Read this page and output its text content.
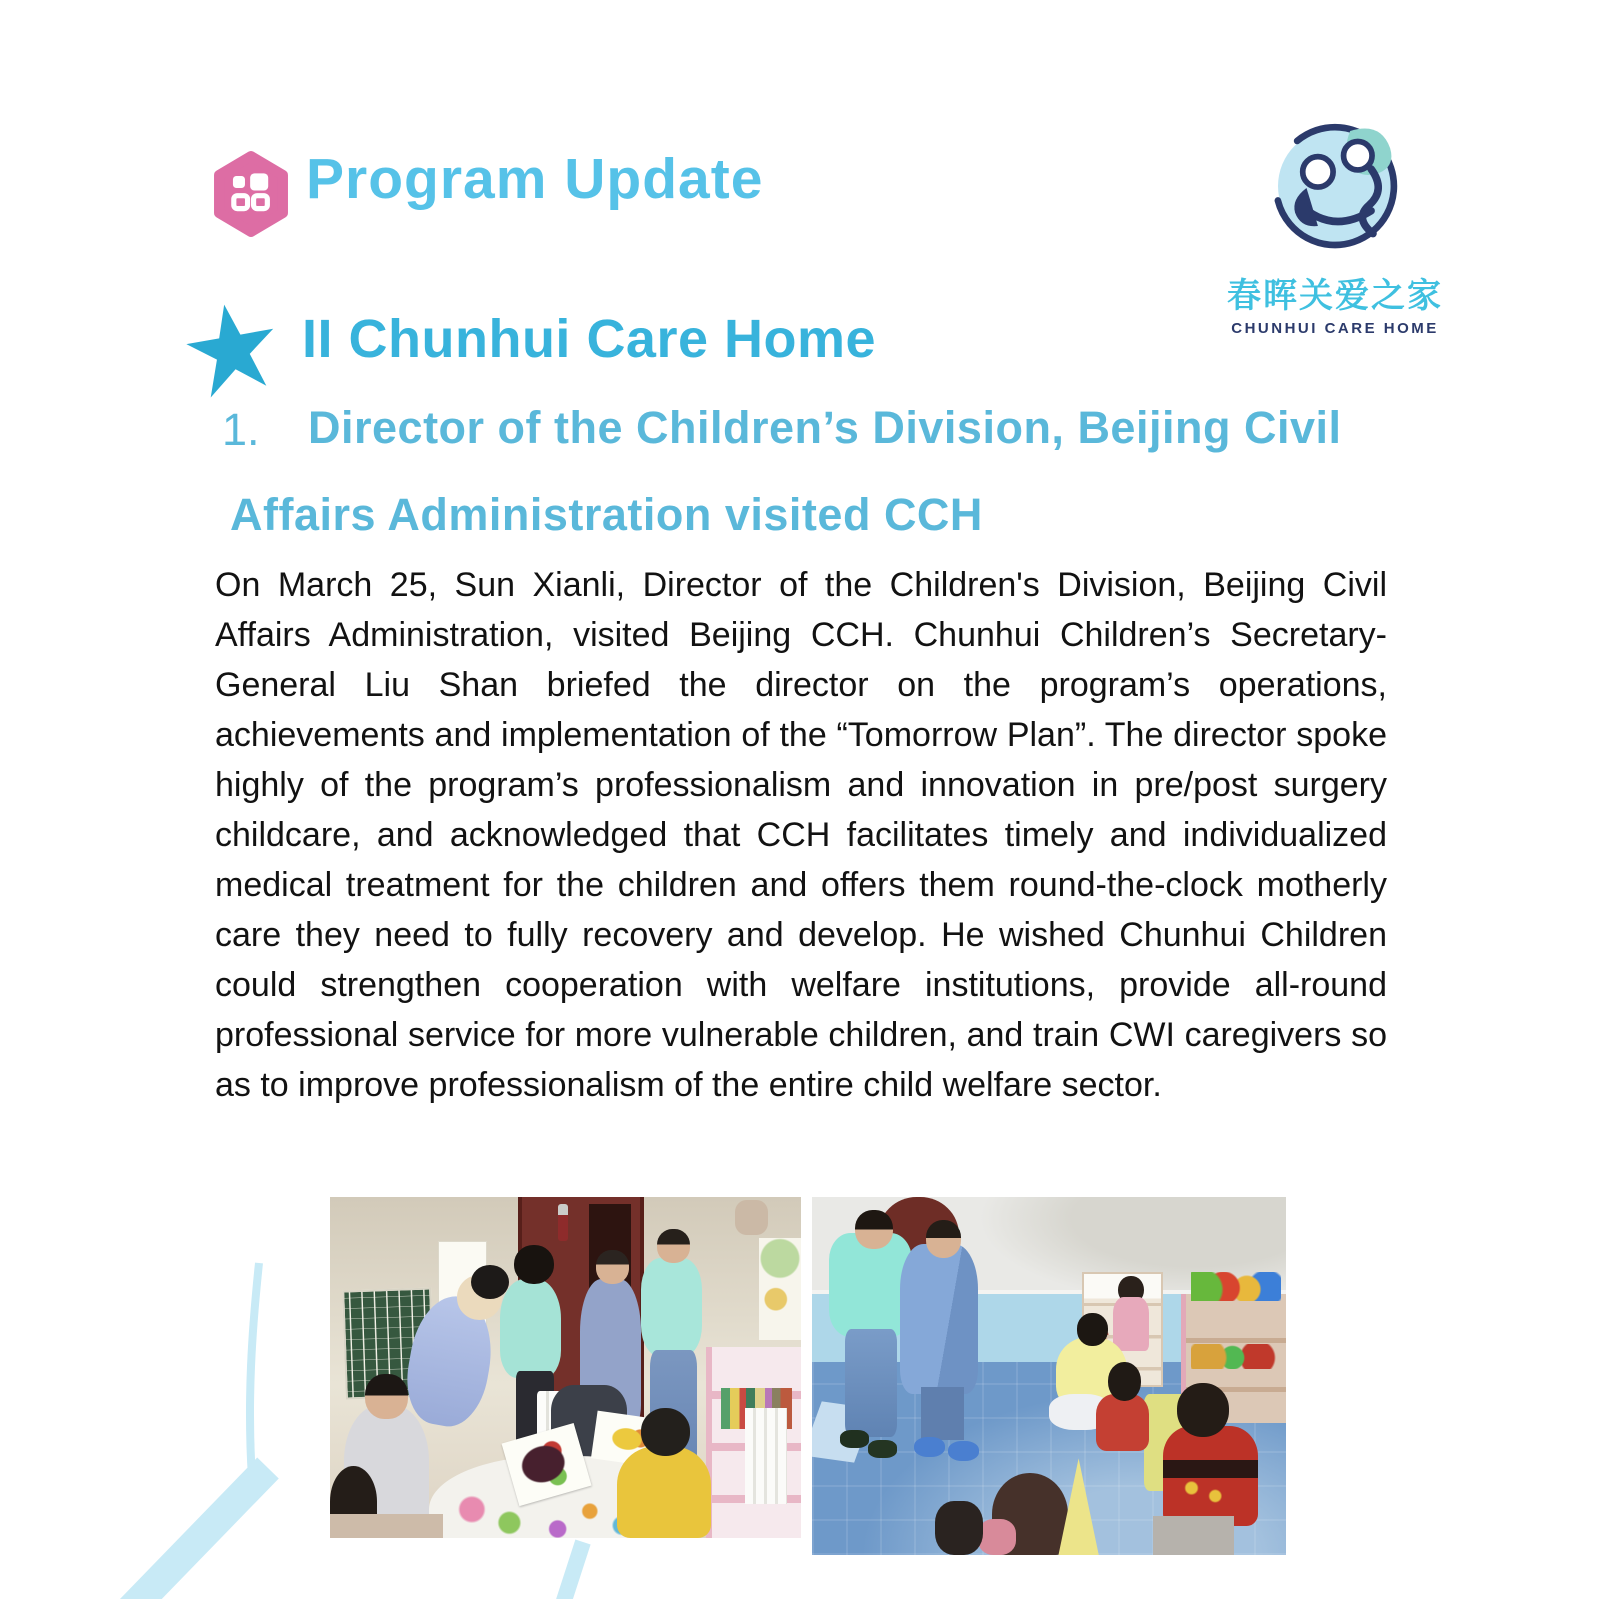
Program Update
春晖关爱之家
CHUNHUI CARE HOME
II Chunhui Care Home
1. Director of the Children’s Division, Beijing Civil
Affairs Administration visited CCH
On March 25, Sun Xianli, Director of the Children's Division, Beijing Civil Affairs Administration, visited Beijing CCH. Chunhui Children’s Secretary-General Liu Shan briefed the director on the program’s operations, achievements and implementation of the “Tomorrow Plan”. The director spoke highly of the program’s professionalism and innovation in pre/post surgery childcare, and acknowledged that CCH facilitates timely and individualized medical treatment for the children and offers them round-the-clock motherly care they need to fully recovery and develop. He wished Chunhui Children could strengthen cooperation with welfare institutions, provide all-round professional service for more vulnerable children, and train CWI caregivers so as to improve professionalism of the entire child welfare sector.
